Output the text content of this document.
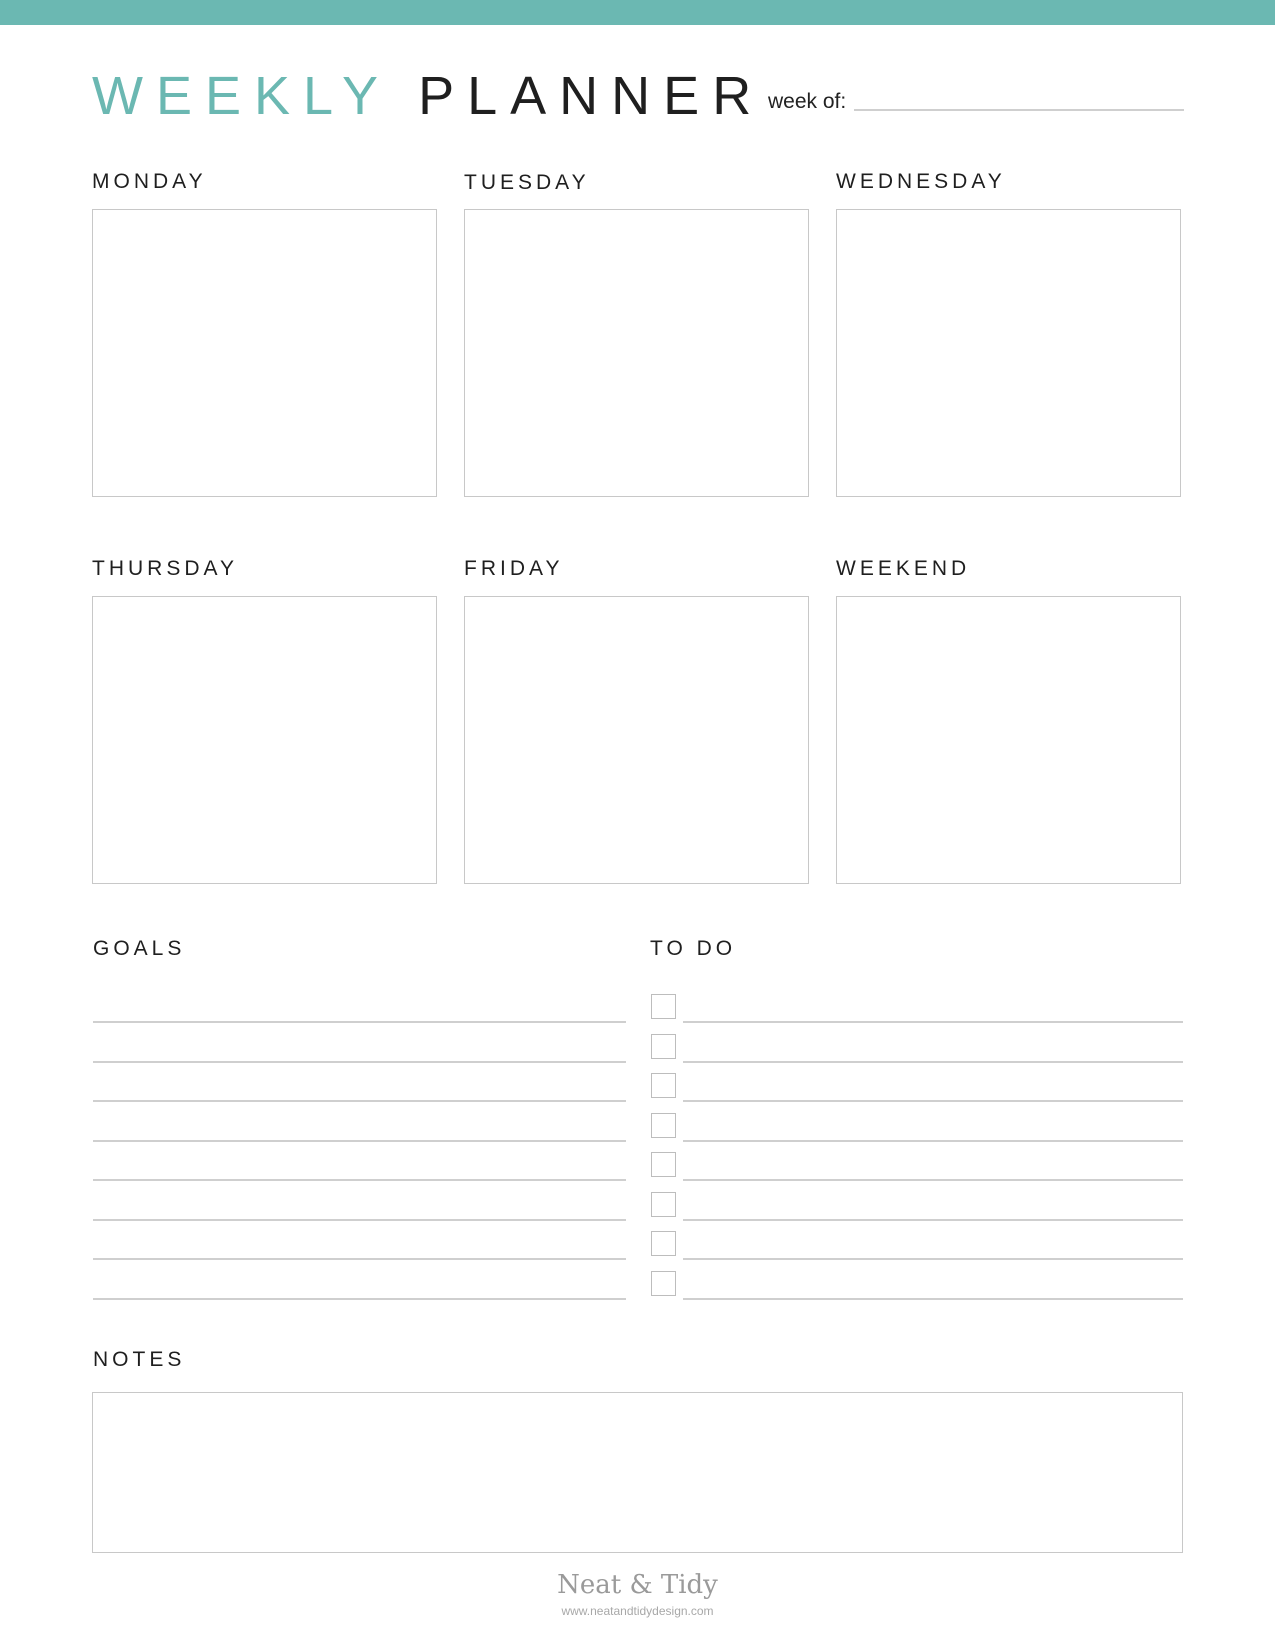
WEEKLY PLANNER week of:
MONDAY	TUESDAY	WEDNESDAY
THURSDAY	FRIDAY	WEEKEND
GOALS	TO DO
NOTES
Neat & Tidy
www.neatandtidydesign.com
